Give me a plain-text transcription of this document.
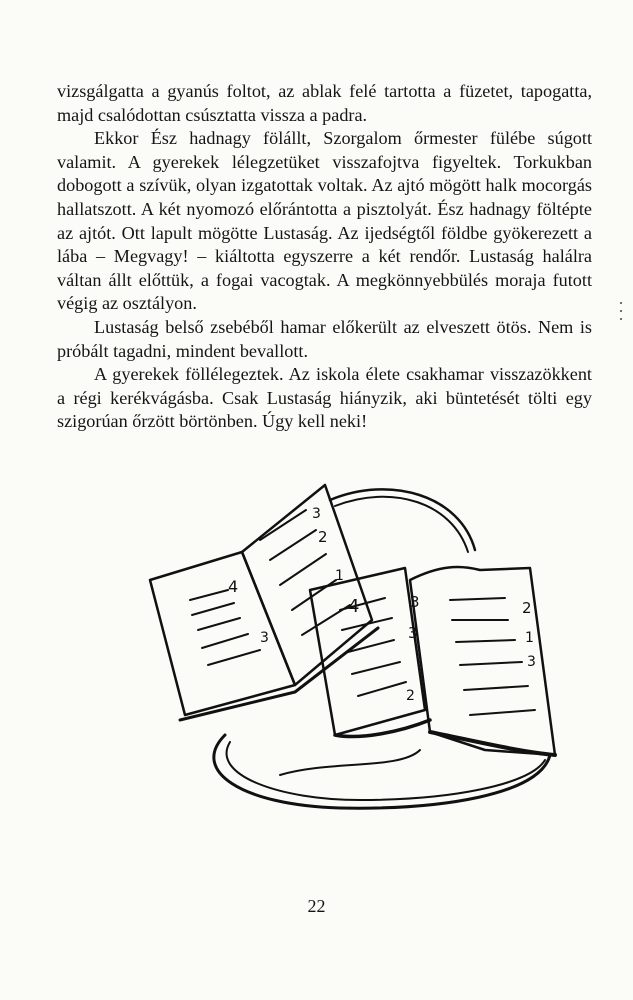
vizsgálgatta a gyanús foltot, az ablak felé tartotta a füzetet, tapogatta, majd csalódottan csúsztatta vissza a padra.

Ekkor Ész hadnagy fölállt, Szorgalom őrmester fülébe súgott valamit. A gyerekek lélegzetüket visszafojtva figyeltek. Torkukban dobogott a szívük, olyan izgatottak voltak. Az ajtó mögött halk mocorgás hallatszott. A két nyomozó előrántotta a pisztolyát. Ész hadnagy föltépte az ajtót. Ott lapult mögötte Lustaság. Az ijedségtől földbe gyökerezett a lába – Megvagy! – kiáltotta egyszerre a két rendőr. Lustaság halálra váltan állt előttük, a fogai vacogtak. A megkönnyebbülés moraja futott végig az osztályon.

Lustaság belső zsebéből hamar előkerült az elveszett ötös. Nem is próbált tagadni, mindent bevallott.

A gyerekek föllélegeztek. Az iskola élete csakhamar visszazökkent a régi kerékvágásba. Csak Lustaság hiányzik, aki büntetését tölti egy szigorúan őrzött börtönben. Úgy kell neki!

4
3
3
2
1
4	3
3
2
2
1
3
22
